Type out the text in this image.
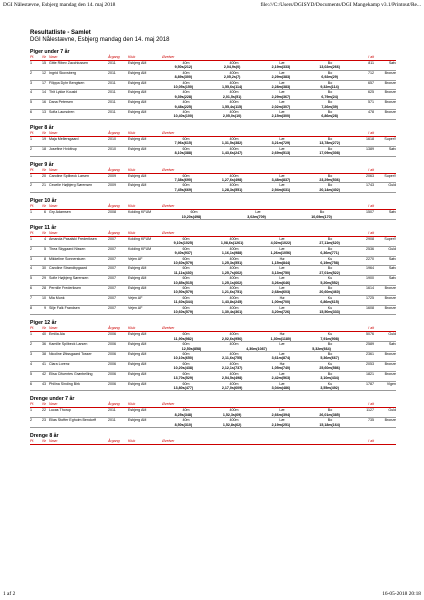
DGI Nålestævne, Esbjerg mandag den 14. maj 2018	file:///C:/Users/DGISYD/Documents/DGI Mangekamp v3.1/Printout/Re...
Resultatliste - Samlet
DGI Nålestævne, Esbjerg mandag den 14. maj 2018
Piger under 7 år
Pl.	Nr Navn	Årgang	Klub	Øvelser	I alt
1	15 Gitte Ribev Zacchiussen	2011	Esbjerg AM	40m	400m	Læ	Bo	811	Sølv
9,50s(212)	2,04,9s(0)	2,19m(333)	13,02m(266)
2	12 Ingrid Skovsberg	2011	Esbjerg AM	40m	400m	Læ	Bo	712	Bronze
8,89s(300)	2,05,2s(7)	2,29m(383)	6,92m(29)
3	17 Filippa Dyhr Bengtsen	2011	Esbjerg AM	40m	400m	Læ	Bo	657	Bronze
10,05s(150)	1,55,6s(114)	2,28m(383)	9,32m(114)
4	14 Thit Lykke Kousbl	2011	Esbjerg AM	40m	400m	Læ	Bo	625	Bronze
9,39s(228)	2,01,5s(51)	2,29m(367)	6,79m(24)
5	16 Dana Petersen	2011	Esbjerg AM	40m	400m	Læ	Bo	571	Bronze
9,48s(225)	1,55,4s(115)	2,02m(307)	7,26m(39)
6	13 Sofia Laursdren	2011	Esbjerg AM	40m	400m	Læ	Bo	478	Bronze
10,40s(100)	2,05,0s(10)	2,15m(300)	6,86m(28)
Piger 8 år
Pl.	Nr Navn	Årgang	Klub	Øvelser	I alt
1	19 Maja Mellersgaard	2010	Esbjerg AM	60m	400m	Læ	Bo	1618	Super!!
7,96s(615)	1,31,5s(382)	3,21m(729)	13,78m(272)
2	18 Josefine Hvidtrup	2010	Esbjerg AM	60m	400m	Læ	Bo	1389	Sølv
8,10s(388)	1,43,6s(247)	2,69m(513)	17,09m(308)
Piger 9 år
Pl.	Nr Navn	Årgang	Klub	Øvelser	I alt
1	20 Caroline Spilbeck Larsen	2009	Esbjerg AM	60m	400m	Læ	Bo	2063	Super!!
7,38s(690)	1,27,6s(498)	3,48m(837)	23,29m(536)
2	21 Cecelie Højbjerg Sørensen	2009	Esbjerg AM	60m	400m	Læ	Bo	1743	Guld
7,45s(669)	1,28,3s(551)	2,94m(631)	20,14m(402)
Piger 10 år
Pl.	Nr Navn	Årgang	Klub	Øvelser	I alt
1	6 Gry Adamsen	2008	Kolding KFUM	60m	Læ	Bo	1507	Sølv
10,20s(498)	3,02m(709)	10,69m(170)
Piger 11 år
Pl.	Nr Navn	Årgang	Klub	Øvelser	I alt
1	4 Amanda Pasalski Frederiksen	2007	Kolding KFUM	60m	400m	Læ	Bo	2908	Super!!
9,10s(1025)	1,08,6s(1261)	4,02m(1022)	27,11m(620)
2	5 Thea Skygaard Nissen	2007	Kolding KFUM	60m	400m	Læ	Bo	2536	Guld
9,40s(937)	1,16,1s(988)	1,26m(1056)	6,36m(771)
3	8 Mikkeline Sonnerstuen	2007	Vejen AF	60m	400m	Hø	Ku	2270	Sølv
10,60s(579)	1,25,3s(551)	1,15m(844)	6,19m(758)
4	30 Caroline Strandbygaard	2007	Esbjerg AM	60m	400m	Læ	Bo	1964	Sølv
11,11s(430)	1,25,7s(662)	3,13m(750)	27,01m(522)
5	29 Sofie Højbjerg Sørensen	2007	Esbjerg AM	60m	400m	Læ	Ku	1900	Sølv
10,85s(515)	1,25,1s(662)	3,26m(646)	5,20m(552)
6	28 Pernille Frederiksen	2007	Esbjerg AM	60m	400m	Læ	Bo	1614	Bronze
10,50s(579)	1,21,6s(751)	2,68m(603)	20,60m(460)
7	10 Mia Munk	2007	Vejen AF	60m	400m	Hø	Ku	1725	Bronze
11,60s(344)	1,43,8s(245)	1,00m(700)	6,86m(615)
8	9 Silje Falk Frandsen	2007	Vejen AF	60m	400m	Læ	Ku	1608	Bronze
10,60s(579)	1,30,4s(361)	3,20m(726)	15,50m(333)
Piger 12 år
Pl.	Nr Navn	Årgang	Klub	Øvelser	I alt
1	40 Emilia Aia	2006	Esbjerg AM	60m	400m	Hø	Ku	5076	Guld
11,90s(982)	2,02,6s(956)	1,30m(1180)	7,91m(908)
2	36 Kamille Spilbeck Larsen	2006	Esbjerg AM	60m	400m	Læ	Bo	2589	Sølv
12,50s(858)	4,30m(1087)	5,32m(664)
3	38 Nicoline Økssgaard Tosser	2006	Esbjerg AM	60m	400m	Læ	Bo	2361	Bronze
10,10s(650)	2,11,6s(755)	3,61m(874)	5,36m(667)
4	41 Clara Lorenz	2006	Esbjerg AM	60m	400m	Hø	Ku	2053	Bronze
10,20s(438)	2,12,1s(737)	1,05m(740)	25,60m(586)
5	42 Elisa Cifuentes Grønbelling	2006	Esbjerg AM	60m	400m	Læ	Bo	1821	Bronze
13,70s(529)	2,54,5s(498)	2,42m(563)	3,10m(434)
6	43 Philina Sinding Birk	2006	Esbjerg AM	60m	400m	Læ	Ku	1787	Vigen
13,80s(477)	2,17,0s(609)	3,04m(486)	3,55m(492)
Drenge under 7 år
Pl.	Nr Navn	Årgang	Klub	Øvelser	I alt
1	22 Lucas Thorup	2011	Esbjerg AM	40m	400m	Læ	Bo	1127	Guld
8,25s(348)	1,52,3s(69)	2,66m(394)	26,01m(385)
2	23 Elias Stoffer Egholm Bendorff	2011	Esbjerg AM	40m	400m	Læ	Bo	735	Bronze
8,50s(310)	1,52,8s(62)	2,19m(251)	15,18m(164)
Drenge 8 år
Pl.	Nr Navn	Årgang	Klub	Øvelser	I alt
1 af 2	16-05-2018 20:18
